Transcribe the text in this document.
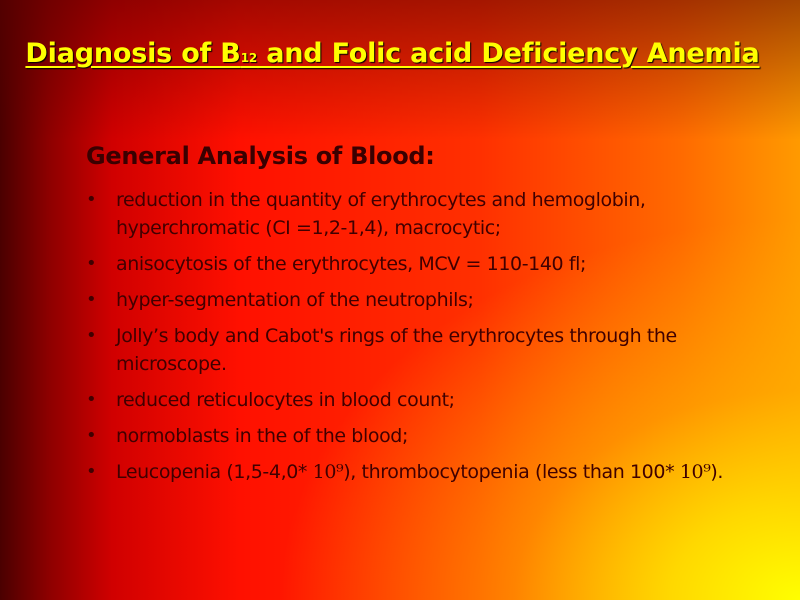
Diagnosis of B12 and Folic acid Deficiency Anemia
General Analysis of Blood:
• reduction in the quantity of erythrocytes and hemoglobin, hyperchromatic (CI =1,2-1,4), macrocytic;
• anisocytosis of the erythrocytes, MCV = 110-140 fl;
• hyper-segmentation of the neutrophils;
• Jolly’s body and Cabot's rings of the erythrocytes through the microscope.
• reduced reticulocytes in blood count;
• normoblasts in the of the blood;
• Leucopenia (1,5-4,0* 10⁹), thrombocytopenia (less than 100* 10⁹).
